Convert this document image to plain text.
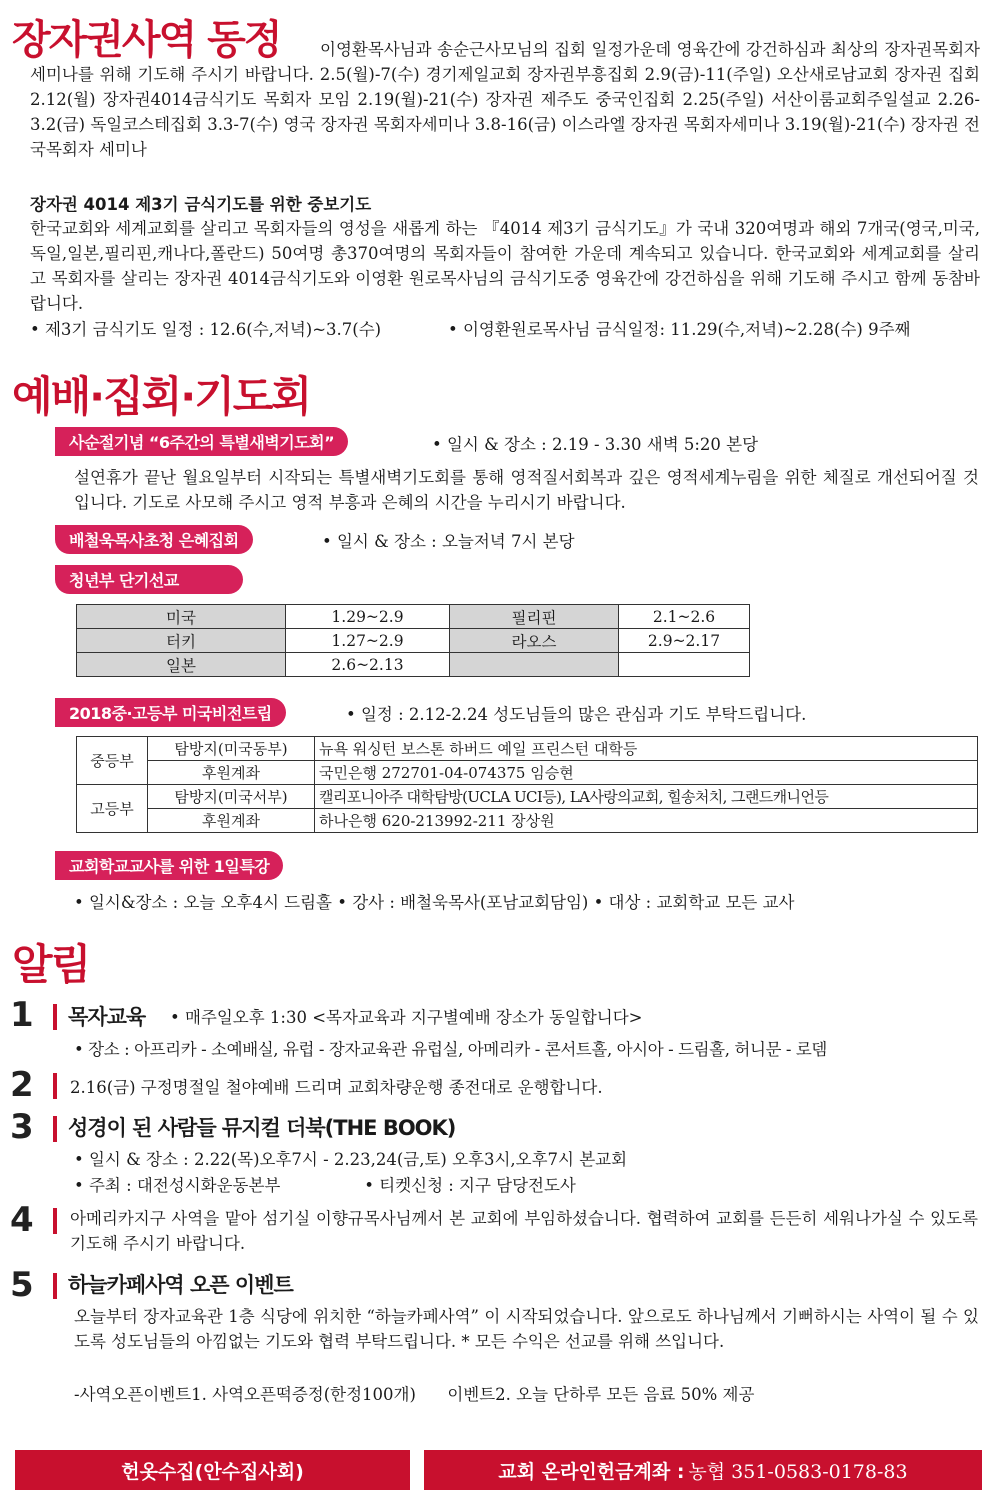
장자권사역 동정	이영환목사님과 송순근사모님의 집회 일정가운데 영육간에 강건하심과 최상의 장자권목회자세미나를 위해 기도해 주시기 바랍니다. 2.5(월)-7(수) 경기제일교회 장자권부흥집회 2.9(금)-11(주일) 오산새로남교회 장자권 집회 2.12(월) 장자권4014금식기도 목회자 모임 2.19(월)-21(수) 장자권 제주도 중국인집회 2.25(주일) 서산이룸교회주일설교 2.26-3.2(금) 독일코스테집회 3.3-7(수) 영국 장자권 목회자세미나 3.8-16(금) 이스라엘 장자권 목회자세미나 3.19(월)-21(수) 장자권 전국목회자 세미나
장자권 4014 제3기 금식기도를 위한 중보기도
한국교회와 세계교회를 살리고 목회자들의 영성을 새롭게 하는 『4014 제3기 금식기도』가 국내 320여명과 해외 7개국(영국,미국,독일,일본,필리핀,캐나다,폴란드) 50여명 총370여명의 목회자들이 참여한 가운데 계속되고 있습니다. 한국교회와 세계교회를 살리고 목회자를 살리는 장자권 4014금식기도와 이영환 원로목사님의 금식기도중 영육간에 강건하심을 위해 기도해 주시고 함께 동참바랍니다.
• 제3기 금식기도 일정 : 12.6(수,저녁)~3.7(수)	• 이영환원로목사님 금식일정: 11.29(수,저녁)~2.28(수) 9주째
예배·집회·기도회
사순절기념 “6주간의 특별새벽기도회”	• 일시 & 장소 : 2.19 - 3.30 새벽 5:20 본당
설연휴가 끝난 월요일부터 시작되는 특별새벽기도회를 통해 영적질서회복과 깊은 영적세계누림을 위한 체질로 개선되어질 것입니다. 기도로 사모해 주시고 영적 부흥과 은혜의 시간을 누리시기 바랍니다.
배철욱목사초청 은혜집회	• 일시 & 장소 : 오늘저녁 7시 본당
청년부 단기선교
미국	1.29~2.9	필리핀	2.1~2.6
터키	1.27~2.9	라오스	2.9~2.17
일본	2.6~2.13		
2018중·고등부 미국비전트립	• 일정 : 2.12-2.24 성도님들의 많은 관심과 기도 부탁드립니다.
중등부	탐방지(미국동부)	뉴욕 워싱턴 보스톤 하버드 예일 프린스턴 대학등
	후원계좌	국민은행 272701-04-074375 임승현
고등부	탐방지(미국서부)	캘리포니아주 대학탐방(UCLA UCI등), LA사랑의교회, 힐송처치, 그랜드캐니언등
	후원계좌	하나은행 620-213992-211 장상원
교회학교교사를 위한 1일특강
• 일시&장소 : 오늘 오후4시 드림홀 • 강사 : 배철욱목사(포남교회담임) • 대상 : 교회학교 모든 교사
알림
1 목자교육 • 매주일오후 1:30 <목자교육과 지구별예배 장소가 동일합니다>
• 장소 : 아프리카 - 소예배실, 유럽 - 장자교육관 유럽실, 아메리카 - 콘서트홀, 아시아 - 드림홀, 허니문 - 로뎀
2 2.16(금) 구정명절일 철야예배 드리며 교회차량운행 종전대로 운행합니다.
3 성경이 된 사람들 뮤지컬 더북(THE BOOK)
• 일시 & 장소 : 2.22(목)오후7시 - 2.23,24(금,토) 오후3시,오후7시 본교회
• 주최 : 대전성시화운동본부                • 티켓신청 : 지구 담당전도사
4 아메리카지구 사역을 맡아 섬기실 이향규목사님께서 본 교회에 부임하셨습니다. 협력하여 교회를 든든히 세워나가실 수 있도록 기도해 주시기 바랍니다.
5 하늘카페사역 오픈 이벤트
오늘부터 장자교육관 1층 식당에 위치한 “하늘카페사역” 이 시작되었습니다. 앞으로도 하나님께서 기뻐하시는 사역이 될 수 있도록 성도님들의 아낌없는 기도와 협력 부탁드립니다. * 모든 수익은 선교를 위해 쓰입니다.
-사역오픈이벤트1. 사역오픈떡증정(한정100개)      이벤트2. 오늘 단하루 모든 음료 50% 제공
헌옷수집(안수집사회)	교회 온라인헌금계좌 : 농협 351-0583-0178-83
